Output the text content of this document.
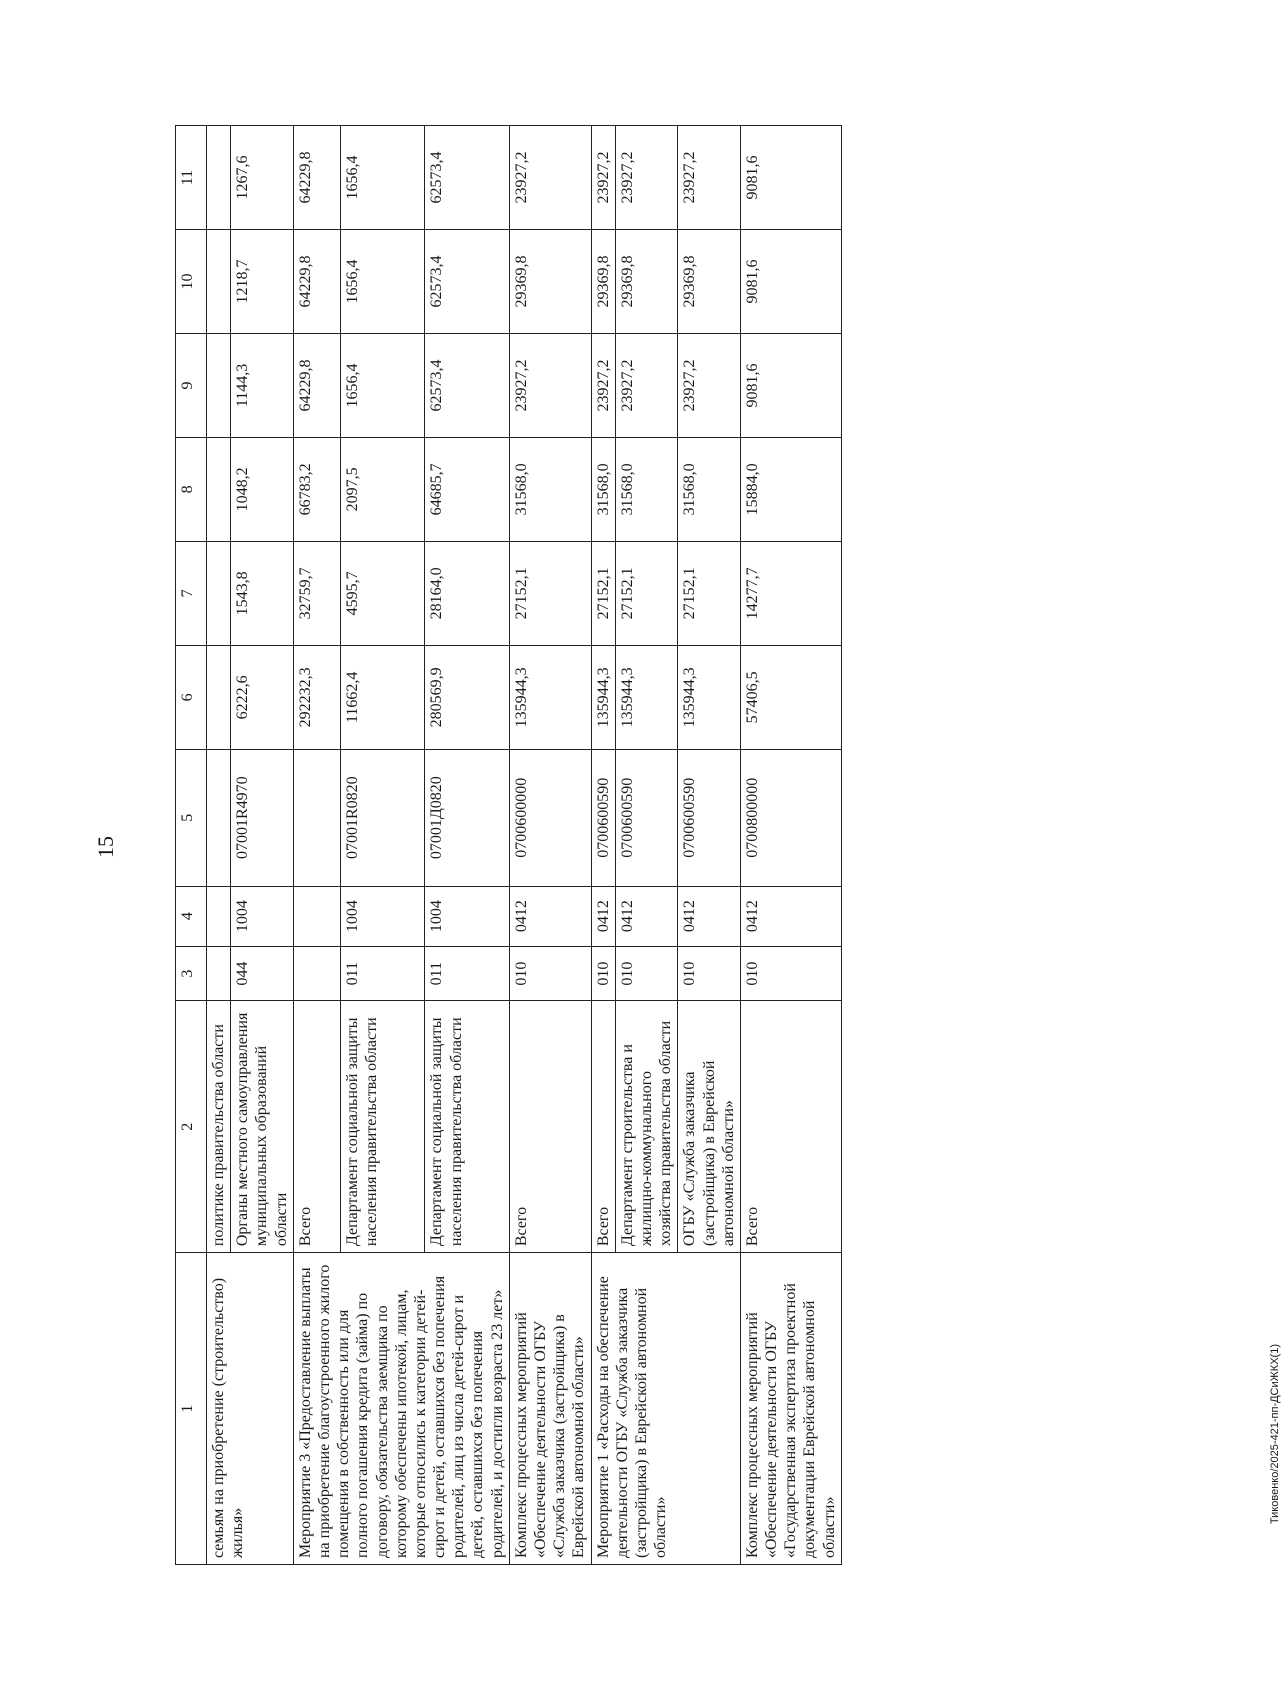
15
Тиковенко/2025-421-пп-ДСиЖКХ(1)
1	2	3	4	5	6	7	8	9	10	11
семьям на приобретение (строительство) жилья»	политике правительства области									
	Органы местного самоуправления муниципальных образований области	044	1004	07001R4970	6222,6	1543,8	1048,2	1144,3	1218,7	1267,6
Мероприятие 3 «Предоставление выплаты на приобретение благоустроенного жилого помещения в собственность или для полного погашения кредита (займа) по договору, обязательства заемщика по которому обеспечены ипотекой, лицам, которые относились к категории детей-сирот и детей, оставшихся без попечения родителей, лиц из числа детей-сирот и детей, оставшихся без попечения родителей, и достигли возраста 23 лет»	Всего				292232,3	32759,7	66783,2	64229,8	64229,8	64229,8
	Департамент социальной защиты населения правительства области	011	1004	07001R0820	11662,4	4595,7	2097,5	1656,4	1656,4	1656,4
	Департамент социальной защиты населения правительства области	011	1004	07001Д0820	280569,9	28164,0	64685,7	62573,4	62573,4	62573,4
Комплекс процессных мероприятий «Обеспечение деятельности ОГБУ «Служба заказчика (застройщика) в Еврейской автономной области»	Всего	010	0412	0700600000	135944,3	27152,1	31568,0	23927,2	29369,8	23927,2
Мероприятие 1 «Расходы на обеспечение деятельности ОГБУ «Служба заказчика (застройщика) в Еврейской автономной области»	Всего	010	0412	0700600590	135944,3	27152,1	31568,0	23927,2	29369,8	23927,2
	Департамент строительства и жилищно-коммунального хозяйства правительства области	010	0412	0700600590	135944,3	27152,1	31568,0	23927,2	29369,8	23927,2
	ОГБУ «Служба заказчика (застройщика) в Еврейской автономной области»	010	0412	0700600590	135944,3	27152,1	31568,0	23927,2	29369,8	23927,2
Комплекс процессных мероприятий «Обеспечение деятельности ОГБУ «Государственная экспертиза проектной документации Еврейской автономной области»	Всего	010	0412	0700800000	57406,5	14277,7	15884,0	9081,6	9081,6	9081,6
